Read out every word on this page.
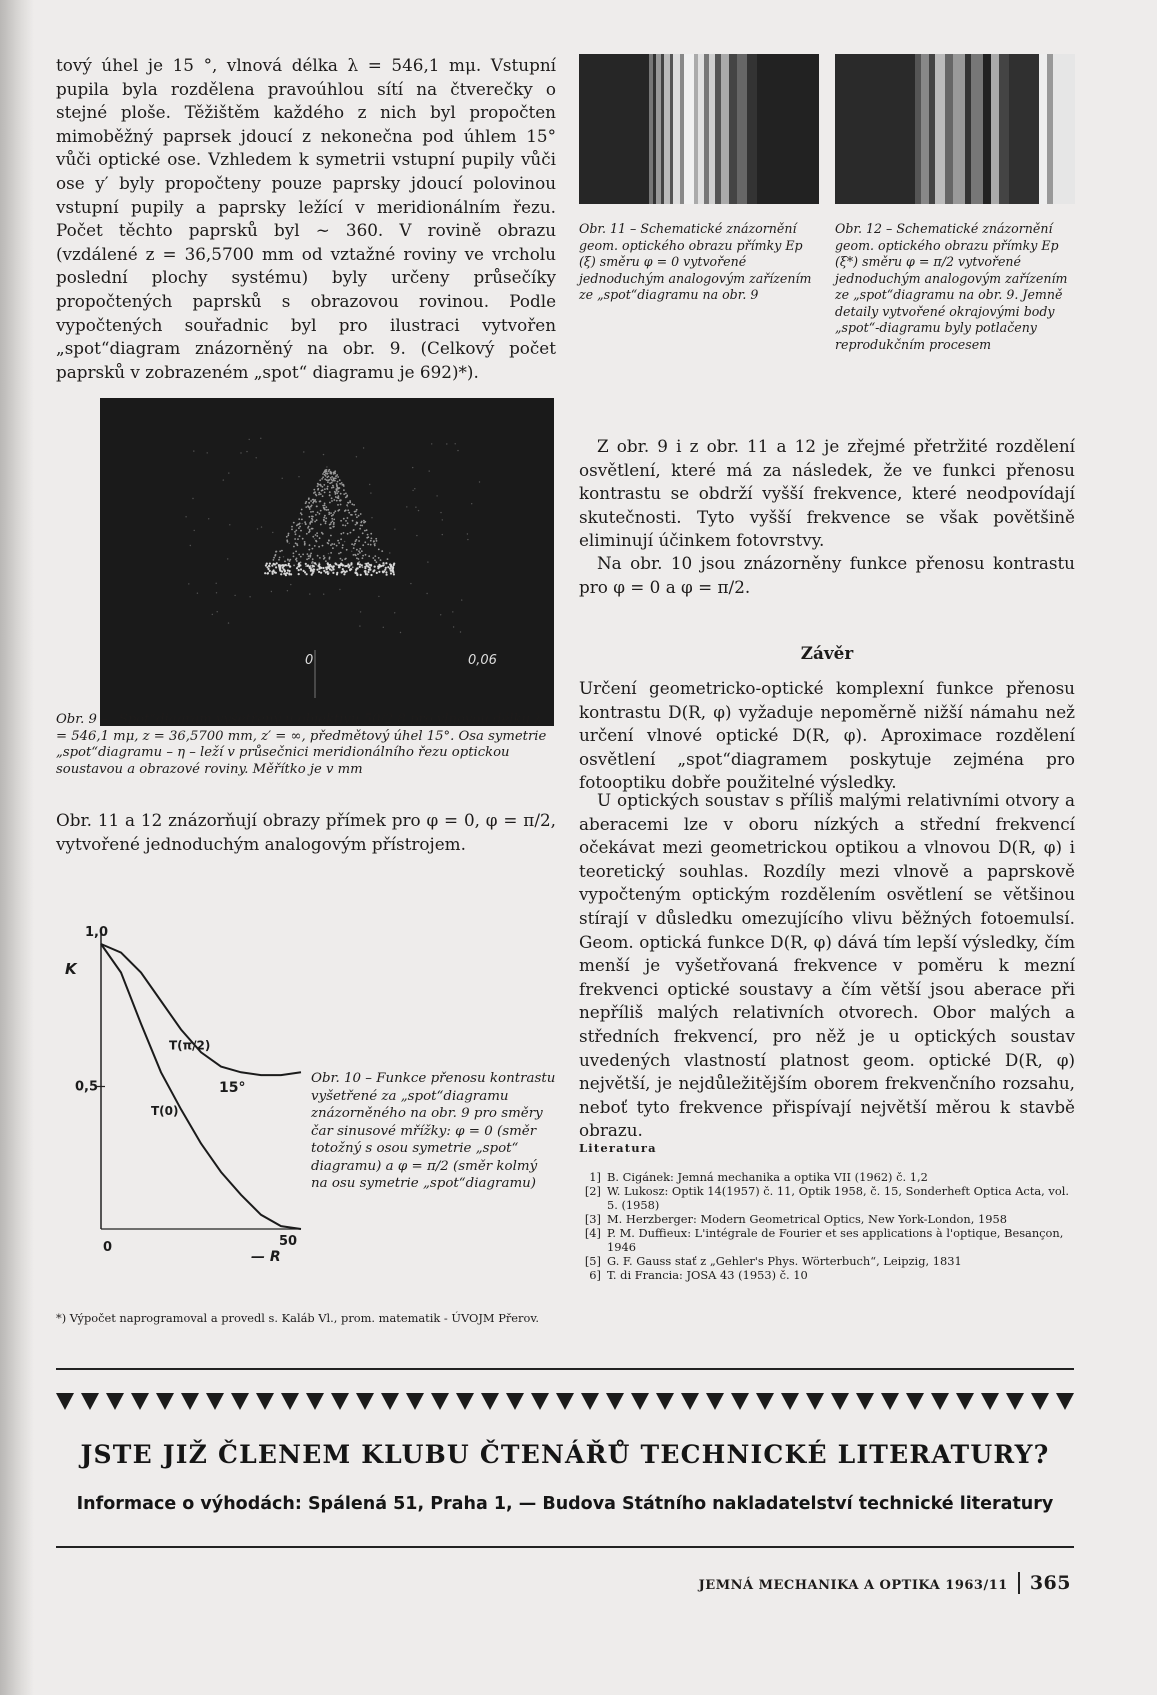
tový úhel je 15 °, vlnová délka λ = 546,1 mμ. Vstupní pupila byla rozdělena pravoúhlou sítí na čtverečky o stejné ploše. Těžištěm každého z nich byl propočten mimoběžný paprsek jdoucí z nekonečna pod úhlem 15° vůči optické ose. Vzhledem k symetrii vstupní pupily vůči ose y′ byly propočteny pouze paprsky jdoucí polovinou vstupní pupily a paprsky ležící v meridionálním řezu. Počet těchto paprsků byl ∼ 360. V rovině obrazu (vzdálené z = 36,5700 mm od vztažné roviny ve vrcholu poslední plochy systému) byly určeny průsečíky propočtených paprsků s obrazovou rovinou. Podle vypočtených souřadnic byl pro ilustraci vytvořen „spot“diagram znázorněný na obr. 9. (Celkový počet paprsků v zobrazeném „spot“ diagramu je 692)*).

0	0,06

Obr. 9 – „Spot“diagram vyšetřený u objektivu 50/2,8 pro vlnovou délku λ = 546,1 mμ, z = 36,5700 mm, z′ = ∞, předmětový úhel 15°. Osa symetrie „spot“diagramu – η – leží v průsečnici meridionálního řezu optickou soustavou a obrazové roviny. Měřítko je v mm

Obr. 11 a 12 znázorňují obrazy přímek pro φ = 0, φ = π/2, vytvořené jednoduchým analogovým přístrojem.

1,0
0,5
K
0	50
— R
T(π/2)
T(0)
15°

Obr. 10 – Funkce přenosu kontrastu vyšetřené za „spot“diagramu znázorněného na obr. 9 pro směry čar sinusové mřížky: φ = 0 (směr totožný s osou symetrie „spot“ diagramu) a φ = π/2 (směr kolmý na osu symetrie „spot“diagramu)

*) Výpočet naprogramoval a provedl s. Kaláb Vl., prom. matematik - ÚVOJM Přerov.

Obr. 11 – Schematické znázornění geom. optického obrazu přímky Ep (ξ) směru φ = 0 vytvořené jednoduchým analogovým zařízením ze „spot“diagramu na obr. 9

Obr. 12 – Schematické znázornění geom. optického obrazu přímky Ep (ξ*) směru φ = π/2 vytvořené jednoduchým analogovým zařízením ze „spot“diagramu na obr. 9. Jemně detaily vytvořené okrajovými body „spot“-diagramu byly potlačeny reprodukčním procesem

Z obr. 9 i z obr. 11 a 12 je zřejmé přetržité rozdělení osvětlení, které má za následek, že ve funkci přenosu kontrastu se obdrží vyšší frekvence, které neodpovídají skutečnosti. Tyto vyšší frekvence se však povětšině eliminují účinkem fotovrstvy.

Na obr. 10 jsou znázorněny funkce přenosu kontrastu pro φ = 0 a φ = π/2.

Závěr

Určení geometricko-optické komplexní funkce přenosu kontrastu D(R, φ) vyžaduje nepoměrně nižší námahu než určení vlnové optické D(R, φ). Aproximace rozdělení osvětlení „spot“diagramem poskytuje zejména pro fotooptiku dobře použitelné výsledky.

U optických soustav s příliš malými relativními otvory a aberacemi lze v oboru nízkých a střední frekvencí očekávat mezi geometrickou optikou a vlnovou D(R, φ) i teoretický souhlas. Rozdíly mezi vlnově a paprskově vypočteným optickým rozdělením osvětlení se většinou stírají v důsledku omezujícího vlivu běžných fotoemulsí. Geom. optická funkce D(R, φ) dává tím lepší výsledky, čím menší je vyšetřovaná frekvence v poměru k mezní frekvenci optické soustavy a čím větší jsou aberace při nepříliš malých relativních otvorech. Obor malých a středních frekvencí, pro něž je u optických soustav uvedených vlastností platnost geom. optické D(R, φ) největší, je nejdůležitějším oborem frekvenčního rozsahu, neboť tyto frekvence přispívají největší měrou k stavbě obrazu.

Literatura

1] B. Cigánek: Jemná mechanika a optika VII (1962) č. 1,2
[2] W. Lukosz: Optik 14(1957) č. 11, Optik 1958, č. 15, Sonderheft Optica Acta, vol. 5. (1958)
[3] M. Herzberger: Modern Geometrical Optics, New York-London, 1958
[4] P. M. Duffieux: L'intégrale de Fourier et ses applications à l'optique, Besançon, 1946
[5] G. F. Gauss stať z „Gehler's Phys. Wörterbuch“, Leipzig, 1831
6] T. di Francia: JOSA 43 (1953) č. 10
JSTE JIŽ ČLENEM KLUBU ČTENÁŘŮ TECHNICKÉ LITERATURY?
Informace o výhodách: Spálená 51, Praha 1, — Budova Státního nakladatelství technické literatury
JEMNÁ MECHANIKA A OPTIKA 1963/11 365
